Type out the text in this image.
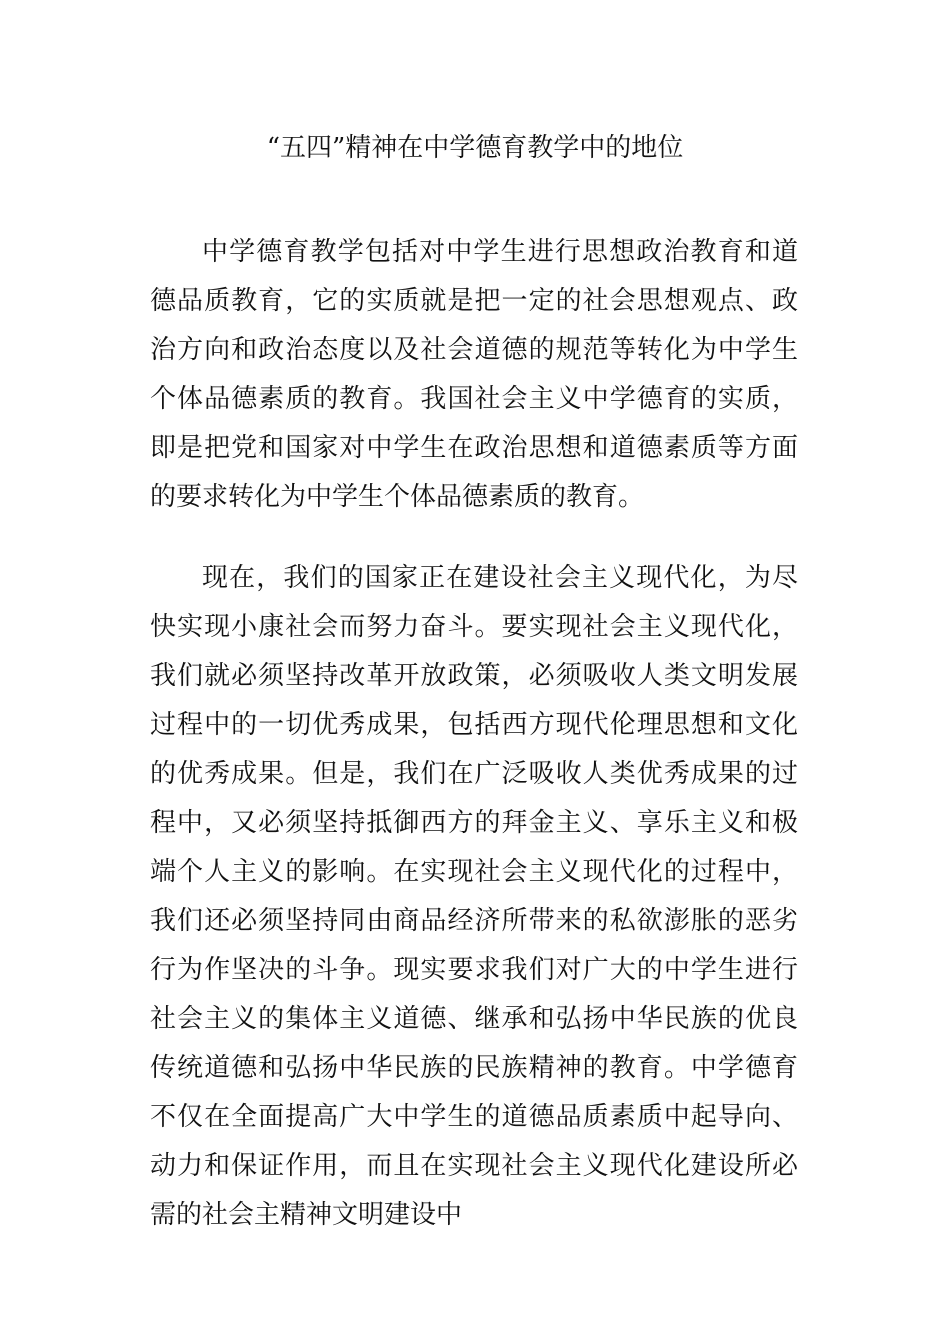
“五四”精神在中学德育教学中的地位

中学德育教学包括对中学生进行思想政治教育和道德品质教育，它的实质就是把一定的社会思想观点、政治方向和政治态度以及社会道德的规范等转化为中学生个体品德素质的教育。我国社会主义中学德育的实质，即是把党和国家对中学生在政治思想和道德素质等方面的要求转化为中学生个体品德素质的教育。

现在，我们的国家正在建设社会主义现代化，为尽快实现小康社会而努力奋斗。要实现社会主义现代化，我们就必须坚持改革开放政策，必须吸收人类文明发展过程中的一切优秀成果，包括西方现代伦理思想和文化的优秀成果。但是，我们在广泛吸收人类优秀成果的过程中，又必须坚持抵御西方的拜金主义、享乐主义和极端个人主义的影响。在实现社会主义现代化的过程中，我们还必须坚持同由商品经济所带来的私欲澎胀的恶劣行为作坚决的斗争。现实要求我们对广大的中学生进行社会主义的集体主义道德、继承和弘扬中华民族的优良传统道德和弘扬中华民族的民族精神的教育。中学德育不仅在全面提高广大中学生的道德品质素质中起导向、动力和保证作用，而且在实现社会主义现代化建设所必需的社会主精神文明建设中
